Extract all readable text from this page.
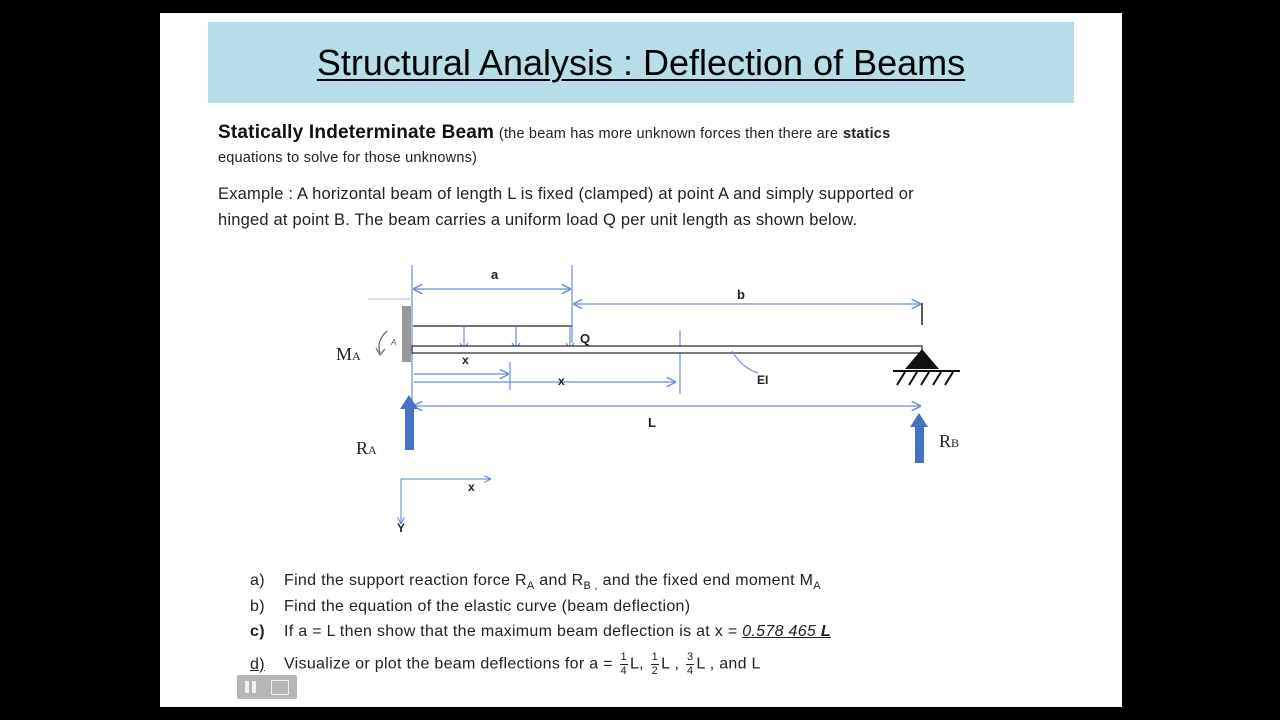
Structural Analysis : Deflection of Beams
Statically Indeterminate Beam (the beam has more unknown forces then there are statics
equations to solve for those unknowns)
Example : A horizontal beam of length L is fixed (clamped) at point A and simply supported or
hinged at point B. The beam carries a uniform load Q per unit length as shown below.
a
b
Q
x
EI
A
MA
x
L
RA	RB
x
Y
a) Find the support reaction force $R_A$ and $R_{B ,}$ and the fixed end moment $M_A$
b) Find the equation of the elastic curve (beam deflection)
c) If a = L then show that the maximum beam deflection is at x = 0.578 465 L
d) Visualize or plot the beam deflections for $a = \frac{1}{4} L$, $\frac{1}{2}$ L , $\frac{3}{4}$ L , and L
